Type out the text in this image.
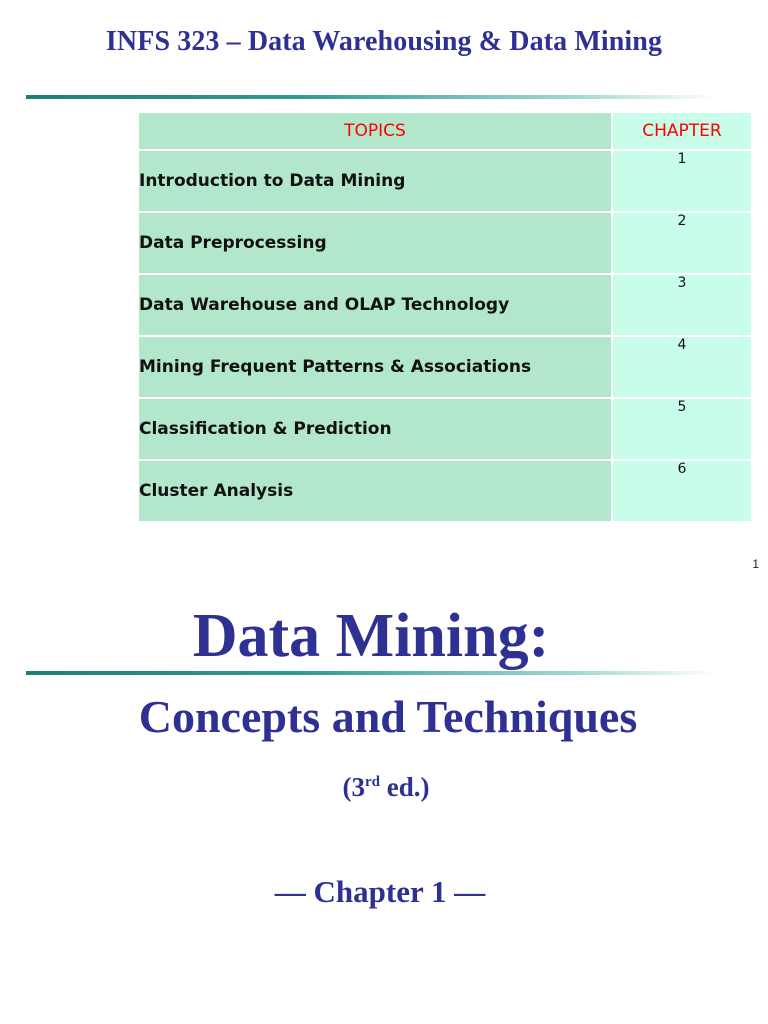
INFS 323 – Data Warehousing & Data Mining
TOPICS	CHAPTER
Introduction to Data Mining	1
Data Preprocessing	2
Data Warehouse and OLAP Technology	3
Mining Frequent Patterns & Associations	4
Classification & Prediction	5
Cluster Analysis	6
1
Data Mining:
Concepts and Techniques
(3rd ed.)
— Chapter 1 —
